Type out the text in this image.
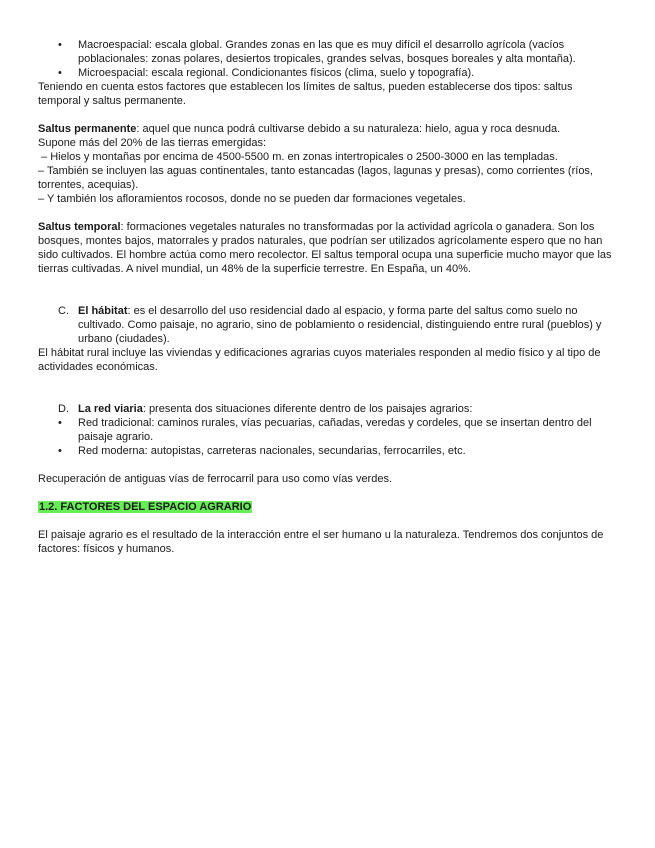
• Macroespacial: escala global. Grandes zonas en las que es muy difícil el desarrollo agrícola (vacíos poblacionales: zonas polares, desiertos tropicales, grandes selvas, bosques boreales y alta montaña).
• Microespacial: escala regional. Condicionantes físicos (clima, suelo y topografía).

Teniendo en cuenta estos factores que establecen los límites de saltus, pueden establecerse dos tipos: saltus temporal y saltus permanente.

Saltus permanente: aquel que nunca podrá cultivarse debido a su naturaleza: hielo, agua y roca desnuda.

Supone más del 20% de las tierras emergidas:

– Hielos y montañas por encima de 4500-5500 m. en zonas intertropicales o 2500-3000 en las templadas.

– También se incluyen las aguas continentales, tanto estancadas (lagos, lagunas y presas), como corrientes (ríos, torrentes, acequias).

– Y también los afloramientos rocosos, donde no se pueden dar formaciones vegetales.

Saltus temporal: formaciones vegetales naturales no transformadas por la actividad agrícola o ganadera. Son los bosques, montes bajos, matorrales y prados naturales, que podrían ser utilizados agrícolamente espero que no han sido cultivados. El hombre actúa como mero recolector. El saltus temporal ocupa una superficie mucho mayor que las tierras cultivadas. A nivel mundial, un 48% de la superficie terrestre. En España, un 40%.

C. El hábitat: es el desarrollo del uso residencial dado al espacio, y forma parte del saltus como suelo no cultivado. Como paisaje, no agrario, sino de poblamiento o residencial, distinguiendo entre rural (pueblos) y urbano (ciudades).

El hábitat rural incluye las viviendas y edificaciones agrarias cuyos materiales responden al medio físico y al tipo de actividades económicas.

D. La red viaria: presenta dos situaciones diferente dentro de los paisajes agrarios:

• Red tradicional: caminos rurales, vías pecuarias, cañadas, veredas y cordeles, que se insertan dentro del paisaje agrario.
• Red moderna: autopistas, carreteras nacionales, secundarias, ferrocarriles, etc.

Recuperación de antiguas vías de ferrocarril para uso como vías verdes.

1.2. FACTORES DEL ESPACIO AGRARIO

El paisaje agrario es el resultado de la interacción entre el ser humano u la naturaleza. Tendremos dos conjuntos de factores: físicos y humanos.
